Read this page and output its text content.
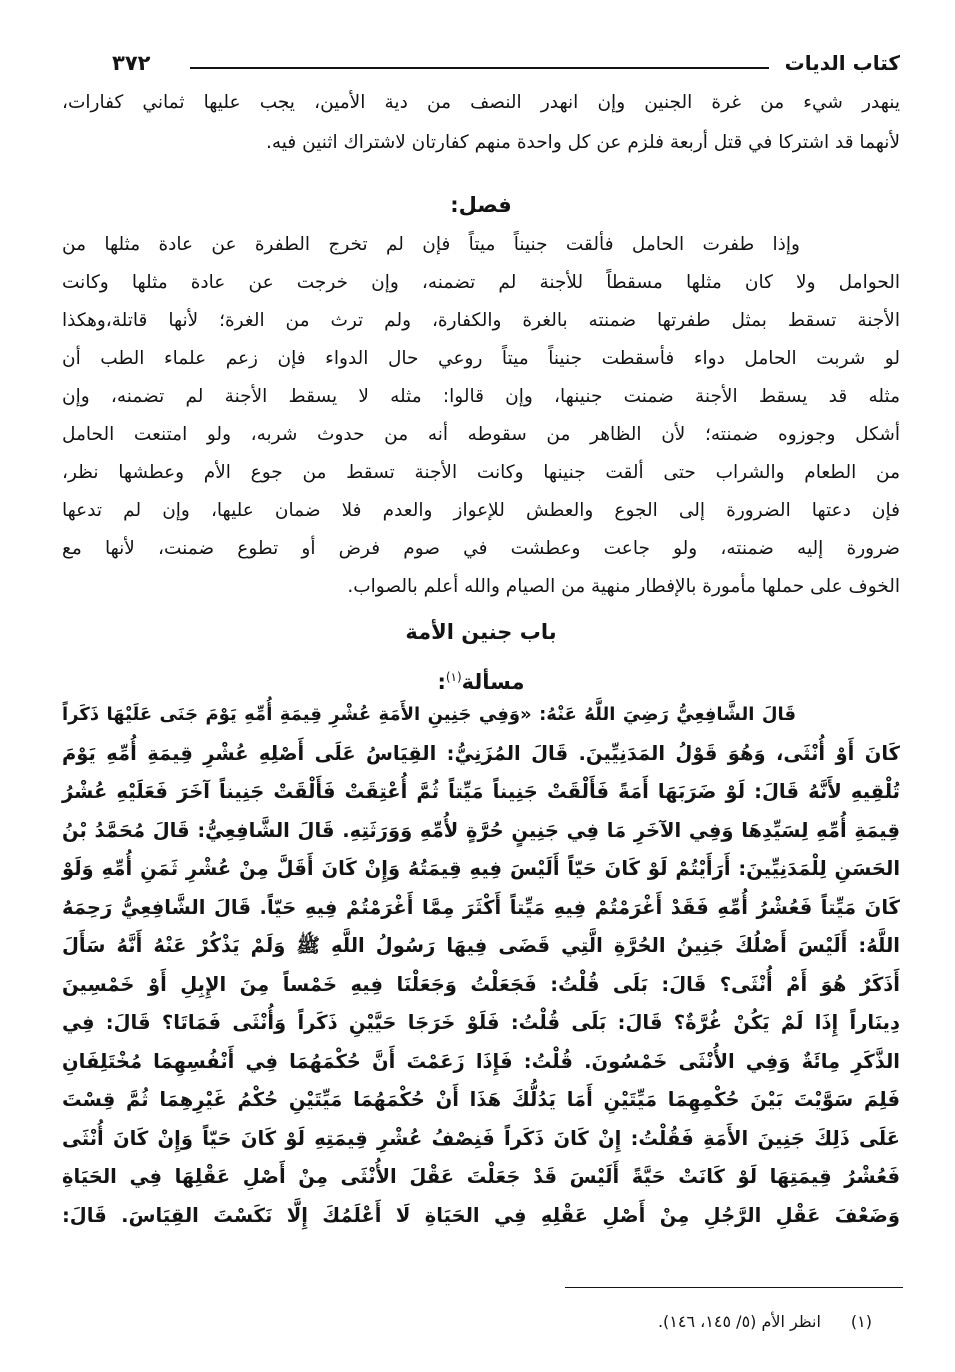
كتاب الديات
٣٧٢
ينهدر شيء من غرة الجنين وإن انهدر النصف من دية الأمين، يجب عليها ثماني كفارات،
لأنهما قد اشتركا في قتل أربعة فلزم عن كل واحدة منهم كفارتان لاشتراك اثنين فيه.
فصل:
وإذا طفرت الحامل فألقت جنيناً ميتاً فإن لم تخرج الطفرة عن عادة مثلها من
الحوامل ولا كان مثلها مسقطاً للأجنة لم تضمنه، وإن خرجت عن عادة مثلها وكانت
الأجنة تسقط بمثل طفرتها ضمنته بالغرة والكفارة، ولم ترث من الغرة؛ لأنها قاتلة،وهكذا
لو شربت الحامل دواء فأسقطت جنيناً ميتاً روعي حال الدواء فإن زعم علماء الطب أن
مثله قد يسقط الأجنة ضمنت جنينها، وإن قالوا: مثله لا يسقط الأجنة لم تضمنه، وإن
أشكل وجوزوه ضمنته؛ لأن الظاهر من سقوطه أنه من حدوث شربه، ولو امتنعت الحامل
من الطعام والشراب حتى ألقت جنينها وكانت الأجنة تسقط من جوع الأم وعطشها نظر،
فإن دعتها الضرورة إلى الجوع والعطش للإعواز والعدم فلا ضمان عليها، وإن لم تدعها
ضرورة إليه ضمنته، ولو جاعت وعطشت في صوم فرض أو تطوع ضمنت، لأنها مع
الخوف على حملها مأمورة بالإفطار منهية من الصيام والله أعلم بالصواب.
باب جنين الأمة
مسألة$^{(١)}$:
قَالَ الشَّافِعِيُّ رَضِيَ اللَّهُ عَنْهُ: «وَفِي جَنِينِ الأَمَةِ عُشْرِ قِيمَةِ أُمِّهِ يَوْمَ جَنَى عَلَيْهَا ذَكَراً
كَانَ أَوْ أُنْثَى، وَهُوَ قَوْلُ المَدَنِيِّينَ. قَالَ المُزَنِيُّ: القِيَاسُ عَلَى أَصْلِهِ عُشْرِ قِيمَةِ أُمِّهِ يَوْمَ
تُلْقِيهِ لأَنَّهُ قَالَ: لَوْ ضَرَبَهَا أَمَةً فَأَلْقَتْ جَنِيناً مَيِّتاً ثُمَّ أُعْتِقَتْ فَأَلْقَتْ جَنِيناً آخَرَ فَعَلَيْهِ عُشْرُ
قِيمَةِ أُمِّهِ لِسَيِّدِهَا وَفِي الآخَرِ مَا فِي جَنِينٍ حُرَّةٍ لأُمِّهِ وَوَرَثَتِهِ. قَالَ الشَّافِعِيُّ: قَالَ مُحَمَّدُ بْنُ
الحَسَنِ لِلْمَدَنِيِّينَ: أَرَأَيْتُمْ لَوْ كَانَ حَيّاً أَلَيْسَ فِيهِ قِيمَتُهُ وَإِنْ كَانَ أَقَلَّ مِنْ عُشْرِ ثَمَنِ أُمِّهِ وَلَوْ
كَانَ مَيِّتاً فَعُشْرُ أُمِّهِ فَقَدْ أَغْرَمْتُمْ فِيهِ مَيِّتاً أَكْثَرَ مِمَّا أَغْرَمْتُمْ فِيهِ حَيّاً. قَالَ الشَّافِعِيُّ رَحِمَهُ
اللَّهُ: أَلَيْسَ أَصْلُكَ جَنِينُ الحُرَّةِ الَّتِي قَضَى فِيهَا رَسُولُ اللَّهِ ﷺ وَلَمْ يَذْكُرْ عَنْهُ أَنَّهُ سَأَلَ
أَذَكَرٌ هُوَ أَمْ أُنْثَى؟ قَالَ: بَلَى قُلْتُ: فَجَعَلْتُ وَجَعَلْنَا فِيهِ خَمْساً مِنَ الإِبِلِ أَوْ خَمْسِينَ
دِينَاراً إِذَا لَمْ يَكُنْ غُرَّةٌ؟ قَالَ: بَلَى قُلْتُ: فَلَوْ خَرَجَا حَيَّيْنِ ذَكَراً وَأُنْثَى فَمَاتَا؟ قَالَ: فِي
الذَّكَرِ مِائَةٌ وَفِي الأُنْثَى خَمْسُونَ. قُلْتُ: فَإِذَا زَعَمْتَ أَنَّ حُكْمَهُمَا فِي أَنْفُسِهِمَا مُخْتَلِفَانِ
فَلِمَ سَوَّيْتَ بَيْنَ حُكْمِهِمَا مَيِّتَيْنِ أَمَا يَدُلُّكَ هَذَا أَنْ حُكْمَهُمَا مَيِّتَيْنِ حُكْمُ غَيْرِهِمَا ثُمَّ قِسْتَ
عَلَى ذَلِكَ جَنِينَ الأَمَةِ فَقُلْتُ: إِنْ كَانَ ذَكَراً فَنِصْفُ عُشْرِ قِيمَتِهِ لَوْ كَانَ حَيّاً وَإِنْ كَانَ أُنْثَى
فَعُشْرُ قِيمَتِهَا لَوْ كَانَتْ حَيَّةً أَلَيْسَ قَدْ جَعَلْتَ عَقْلَ الأُنْثَى مِنْ أَصْلِ عَقْلِهَا فِي الحَيَاةِ
وَضَعْفَ عَقْلِ الرَّجُلِ مِنْ أَصْلِ عَقْلِهِ فِي الحَيَاةِ لَا أَعْلَمُكَ إِلَّا نَكَسْتَ القِيَاسَ. قَالَ:
(١)
انظر الأم (٥/ ١٤٥، ١٤٦).
